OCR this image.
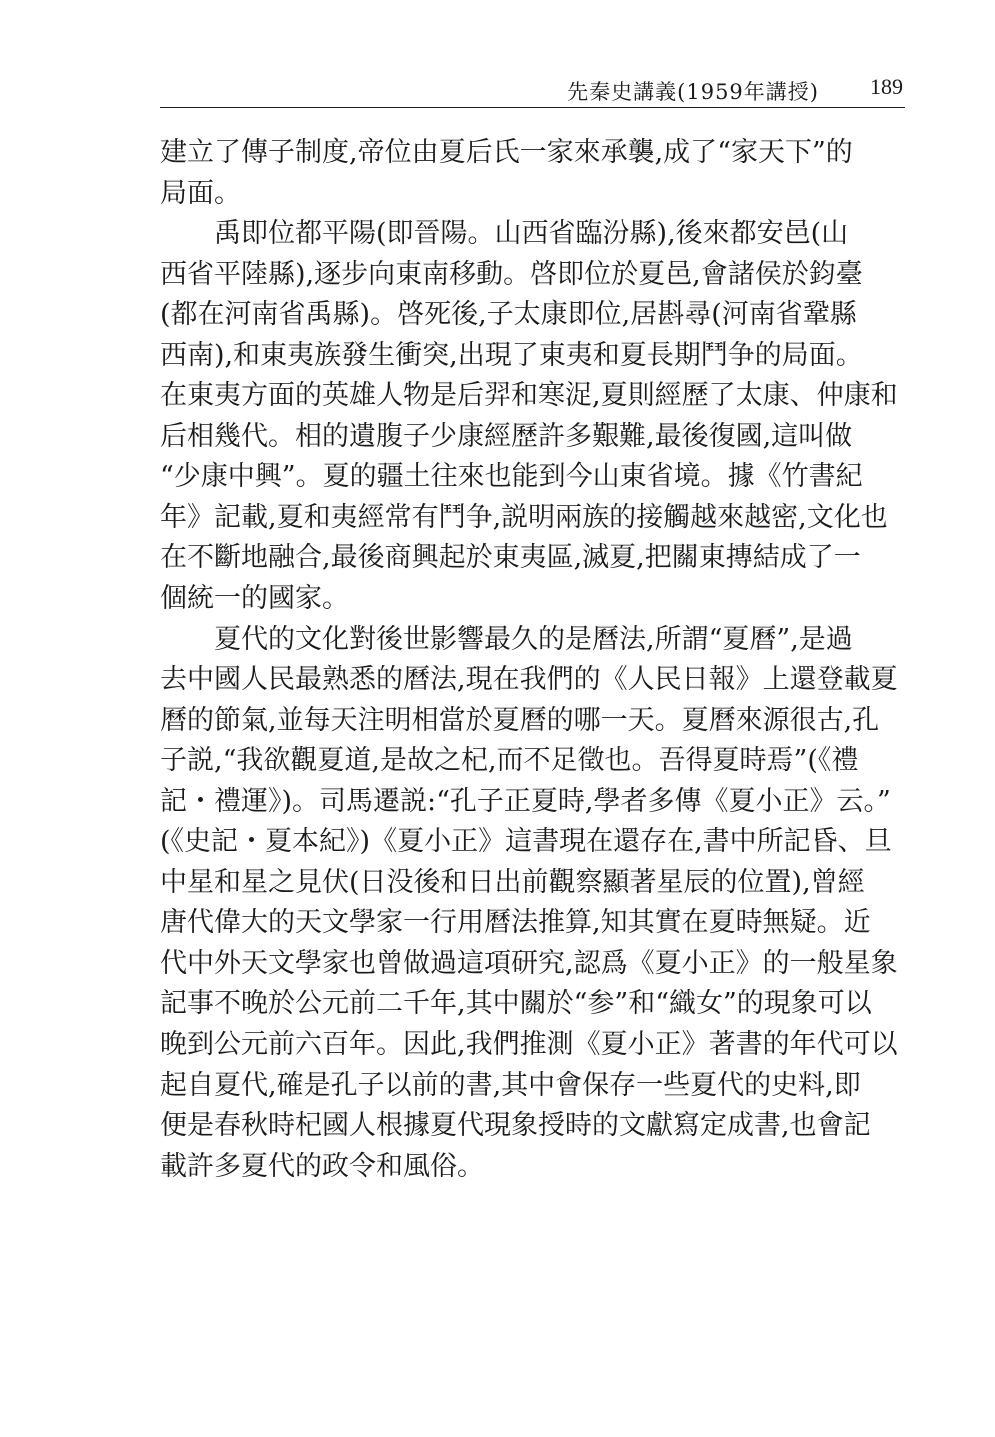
先秦史講義(1959年講授) 189
建立了傳子制度,帝位由夏后氏一家來承襲,成了“家天下”的
局面。
　　禹即位都平陽(即晉陽。山西省臨汾縣),後來都安邑(山
西省平陸縣),逐步向東南移動。啓即位於夏邑,會諸侯於鈞臺
(都在河南省禹縣)。啓死後,子太康即位,居斟尋(河南省鞏縣
西南),和東夷族發生衝突,出現了東夷和夏長期鬥争的局面。
在東夷方面的英雄人物是后羿和寒浞,夏則經歷了太康、仲康和
后相幾代。相的遺腹子少康經歷許多艱難,最後復國,這叫做
“少康中興”。夏的疆土往來也能到今山東省境。據《竹書紀
年》記載,夏和夷經常有鬥争,説明兩族的接觸越來越密,文化也
在不斷地融合,最後商興起於東夷區,滅夏,把關東摶結成了一
個統一的國家。
　　夏代的文化對後世影響最久的是曆法,所謂“夏曆”,是過
去中國人民最熟悉的曆法,現在我們的《人民日報》上還登載夏
曆的節氣,並每天注明相當於夏曆的哪一天。夏曆來源很古,孔
子説,“我欲觀夏道,是故之杞,而不足徵也。吾得夏時焉”(《禮
記・禮運》)。司馬遷説:“孔子正夏時,學者多傳《夏小正》云。”
(《史記・夏本紀》)《夏小正》這書現在還存在,書中所記昏、旦
中星和星之見伏(日没後和日出前觀察顯著星辰的位置),曾經
唐代偉大的天文學家一行用曆法推算,知其實在夏時無疑。近
代中外天文學家也曾做過這項研究,認爲《夏小正》的一般星象
記事不晚於公元前二千年,其中關於“参”和“織女”的現象可以
晚到公元前六百年。因此,我們推測《夏小正》著書的年代可以
起自夏代,確是孔子以前的書,其中會保存一些夏代的史料,即
便是春秋時杞國人根據夏代現象授時的文獻寫定成書,也會記
載許多夏代的政令和風俗。
